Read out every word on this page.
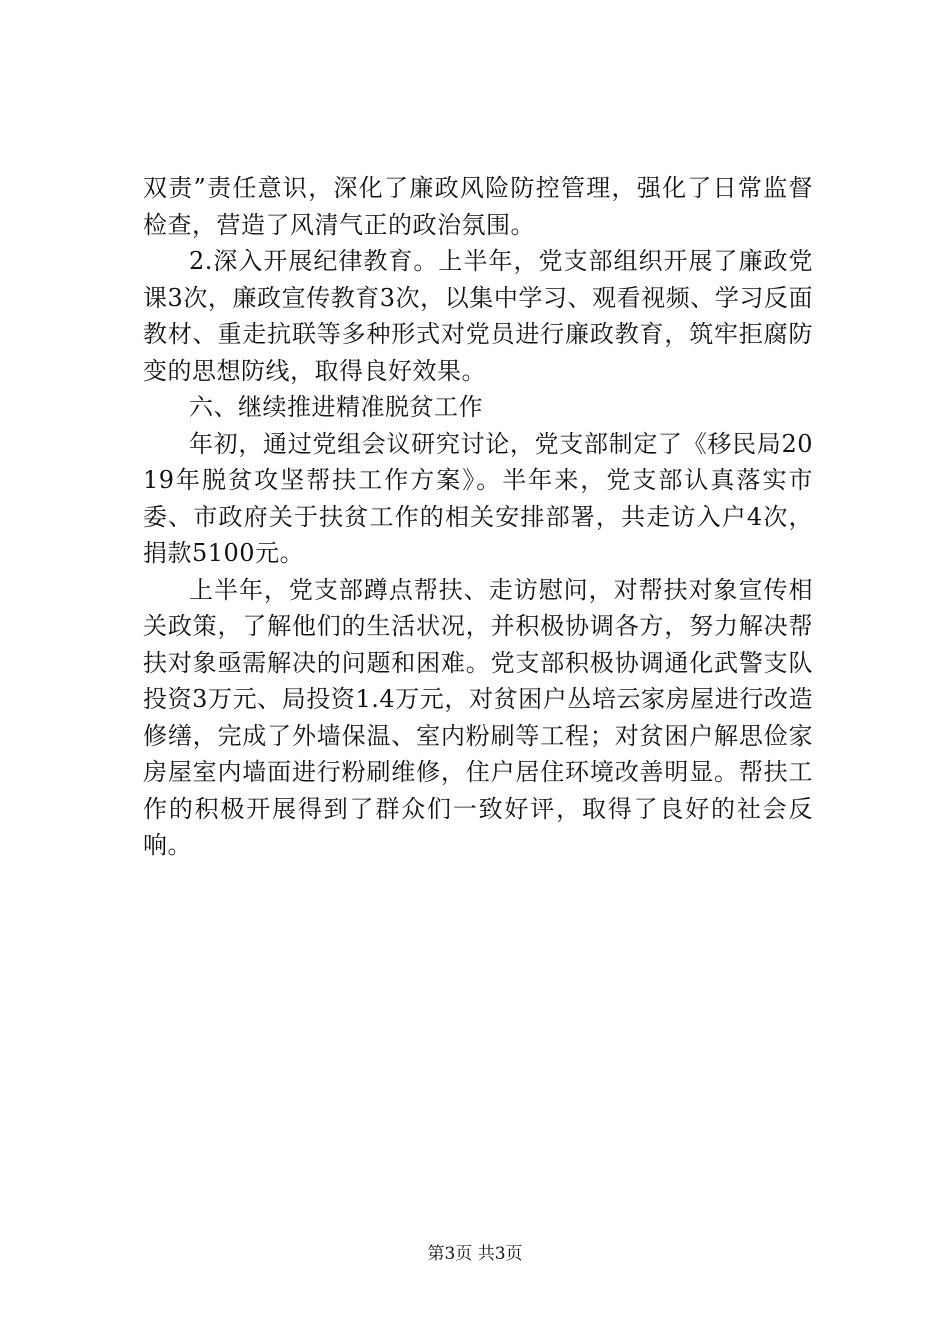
双责”责任意识，深化了廉政风险防控管理，强化了日常监督检查，营造了风清气正的政治氛围。

2.深入开展纪律教育。上半年，党支部组织开展了廉政党课3次，廉政宣传教育3次，以集中学习、观看视频、学习反面教材、重走抗联等多种形式对党员进行廉政教育，筑牢拒腐防变的思想防线，取得良好效果。

六、继续推进精准脱贫工作

年初，通过党组会议研究讨论，党支部制定了《移民局2019年脱贫攻坚帮扶工作方案》。半年来，党支部认真落实市委、市政府关于扶贫工作的相关安排部署，共走访入户4次，捐款5100元。

上半年，党支部蹲点帮扶、走访慰问，对帮扶对象宣传相关政策，了解他们的生活状况，并积极协调各方，努力解决帮扶对象亟需解决的问题和困难。党支部积极协调通化武警支队投资3万元、局投资1.4万元，对贫困户丛培云家房屋进行改造修缮，完成了外墙保温、室内粉刷等工程；对贫困户解思俭家房屋室内墙面进行粉刷维修，住户居住环境改善明显。帮扶工作的积极开展得到了群众们一致好评，取得了良好的社会反响。

第3页 共3页
